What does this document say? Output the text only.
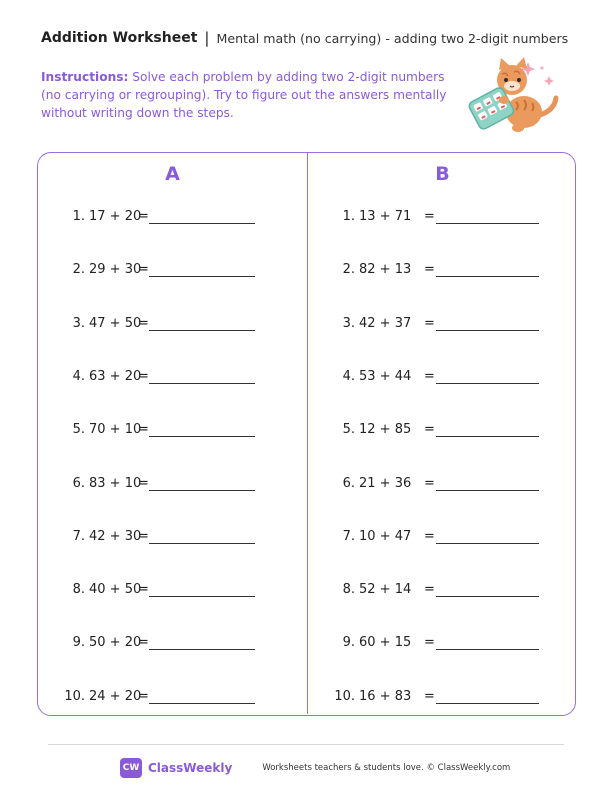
Addition Worksheet | Mental math (no carrying) - adding two 2-digit numbers
Instructions: Solve each problem by adding two 2-digit numbers (no carrying or regrouping). Try to figure out the answers mentally without writing down the steps.
A	B
1. 17 + 20
=
2. 29 + 30
=
3. 47 + 50
=
4. 63 + 20
=
5. 70 + 10
=
6. 83 + 10
=
7. 42 + 30
=
8. 40 + 50
=
9. 50 + 20
=
10. 24 + 20
=
1. 13 + 71 =
2. 82 + 13 =
3. 42 + 37 =
4. 53 + 44 =
5. 12 + 85 =
6. 21 + 36 =
7. 10 + 47 =
8. 52 + 14 =
9. 60 + 15 =
10. 16 + 83 =
CW ClassWeekly	Worksheets teachers & students love. © ClassWeekly.com
